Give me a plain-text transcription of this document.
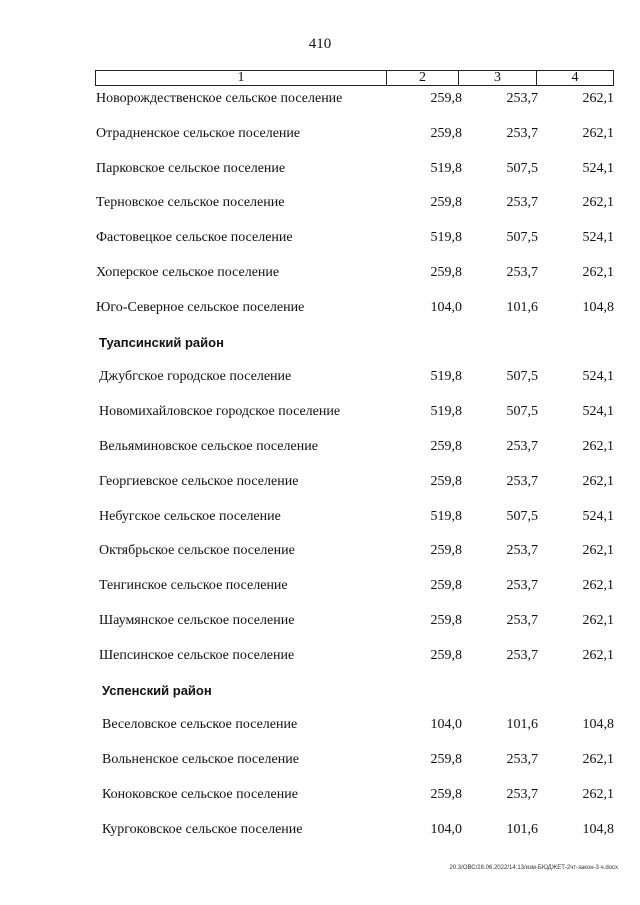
410
1	2	3	4
Новорождественское сельское поселение	259,8	253,7	262,1
Отрадненское сельское поселение	259,8	253,7	262,1
Парковское сельское поселение	519,8	507,5	524,1
Терновское сельское поселение	259,8	253,7	262,1
Фастовецкое сельское поселение	519,8	507,5	524,1
Хоперское сельское поселение	259,8	253,7	262,1
Юго-Северное сельское поселение	104,0	101,6	104,8
Туапсинский район
Джубгское городское поселение	519,8	507,5	524,1
Новомихайловское городское поселение	519,8	507,5	524,1
Вельяминовское сельское поселение	259,8	253,7	262,1
Георгиевское сельское поселение	259,8	253,7	262,1
Небугское сельское поселение	519,8	507,5	524,1
Октябрьское сельское поселение	259,8	253,7	262,1
Тенгинское сельское поселение	259,8	253,7	262,1
Шаумянское сельское поселение	259,8	253,7	262,1
Шепсинское сельское поселение	259,8	253,7	262,1
Успенский район
Веселовское сельское поселение	104,0	101,6	104,8
Вольненское сельское поселение	259,8	253,7	262,1
Коноковское сельское поселение	259,8	253,7	262,1
Кургоковское сельское поселение	104,0	101,6	104,8
20.3/ОВС/28.06.2022/14:13/изм-БЮДЖЕТ-2чт-закон-3 ч.docx
